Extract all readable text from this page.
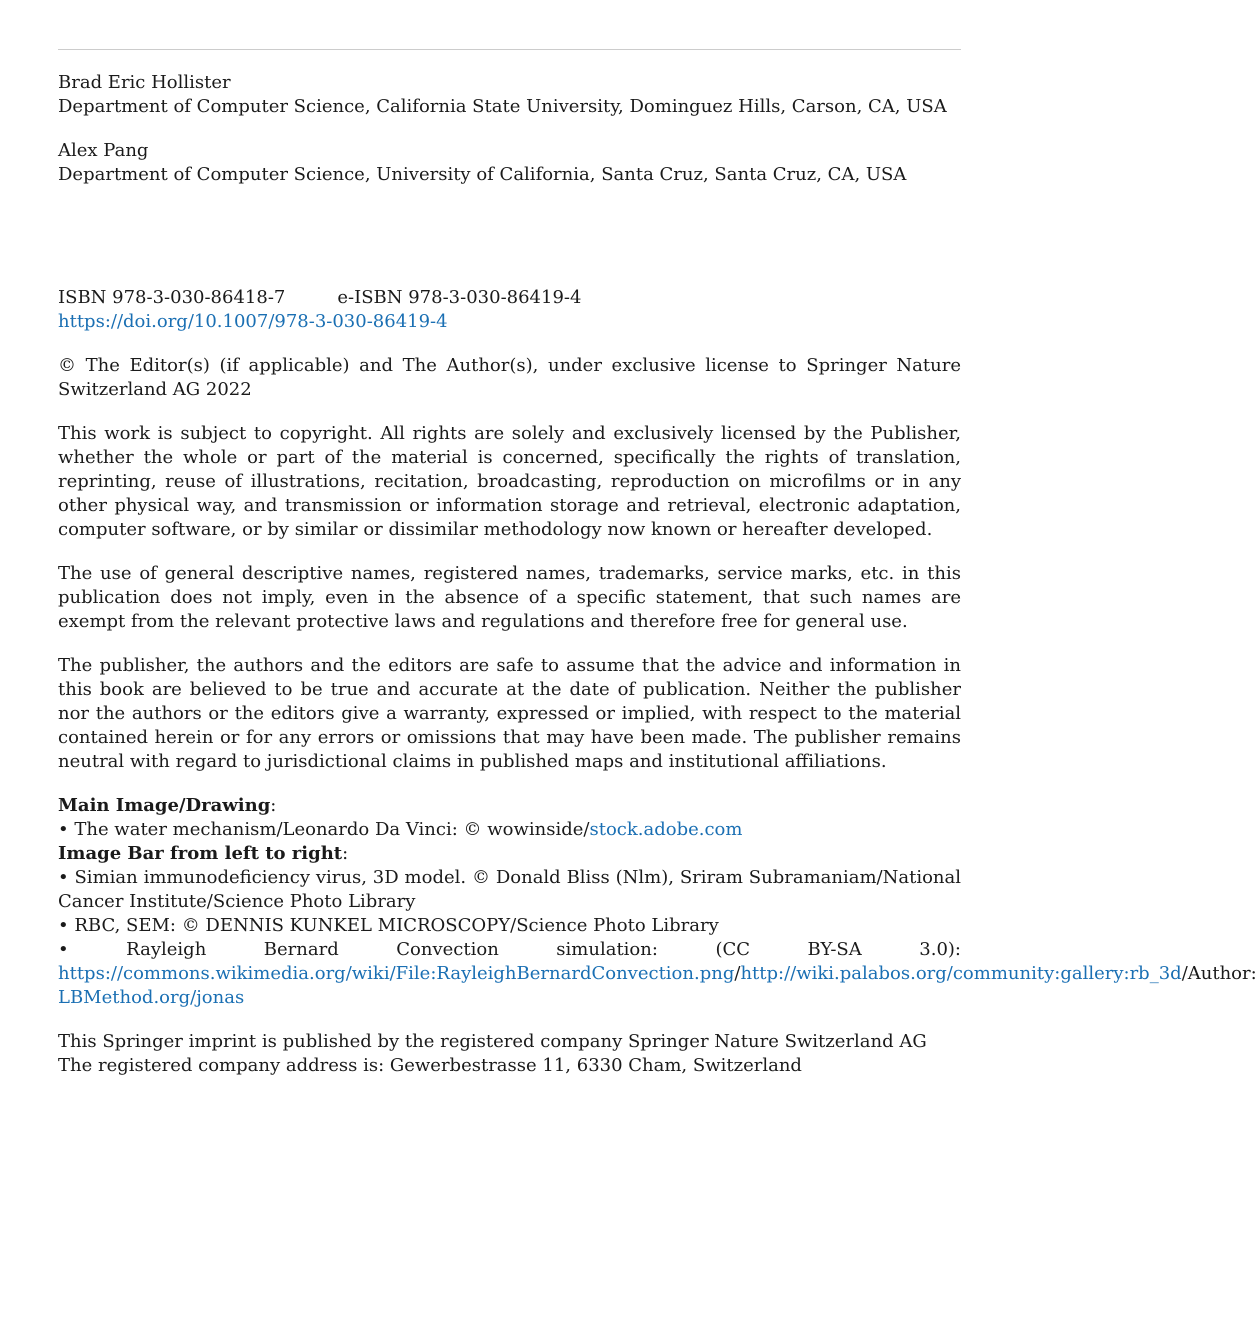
Brad Eric Hollister

Department of Computer Science, California State University, Dominguez Hills, Carson, CA, USA

Alex Pang

Department of Computer Science, University of California, Santa Cruz, Santa Cruz, CA, USA

ISBN 978-3-030-86418-7	e-ISBN 978-3-030-86419-4

https://doi.org/10.1007/978-3-030-86419-4

© The Editor(s) (if applicable) and The Author(s), under exclusive license to Springer Nature Switzerland AG 2022

This work is subject to copyright. All rights are solely and exclusively licensed by the Publisher, whether the whole or part of the material is concerned, specifically the rights of translation, reprinting, reuse of illustrations, recitation, broadcasting, reproduction on microfilms or in any other physical way, and transmission or information storage and retrieval, electronic adaptation, computer software, or by similar or dissimilar methodology now known or hereafter developed.

The use of general descriptive names, registered names, trademarks, service marks, etc. in this publication does not imply, even in the absence of a specific statement, that such names are exempt from the relevant protective laws and regulations and therefore free for general use.

The publisher, the authors and the editors are safe to assume that the advice and information in this book are believed to be true and accurate at the date of publication. Neither the publisher nor the authors or the editors give a warranty, expressed or implied, with respect to the material contained herein or for any errors or omissions that may have been made. The publisher remains neutral with regard to jurisdictional claims in published maps and institutional affiliations.

Main Image/Drawing:

• The water mechanism/Leonardo Da Vinci: © wowinside/stock.adobe.com

Image Bar from left to right:

• Simian immunodeficiency virus, 3D model. © Donald Bliss (Nlm), Sriram Subramaniam/National Cancer Institute/Science Photo Library

• RBC, SEM: © DENNIS KUNKEL MICROSCOPY/Science Photo Library

• Rayleigh Bernard Convection simulation: (CC BY-SA 3.0): https://commons.wikimedia.org/wiki/File:RayleighBernardConvection.png/http://wiki.palabos.org/community:gallery:rb_3d/Author: LBMethod.org/jonas

This Springer imprint is published by the registered company Springer Nature Switzerland AG

The registered company address is: Gewerbestrasse 11, 6330 Cham, Switzerland
